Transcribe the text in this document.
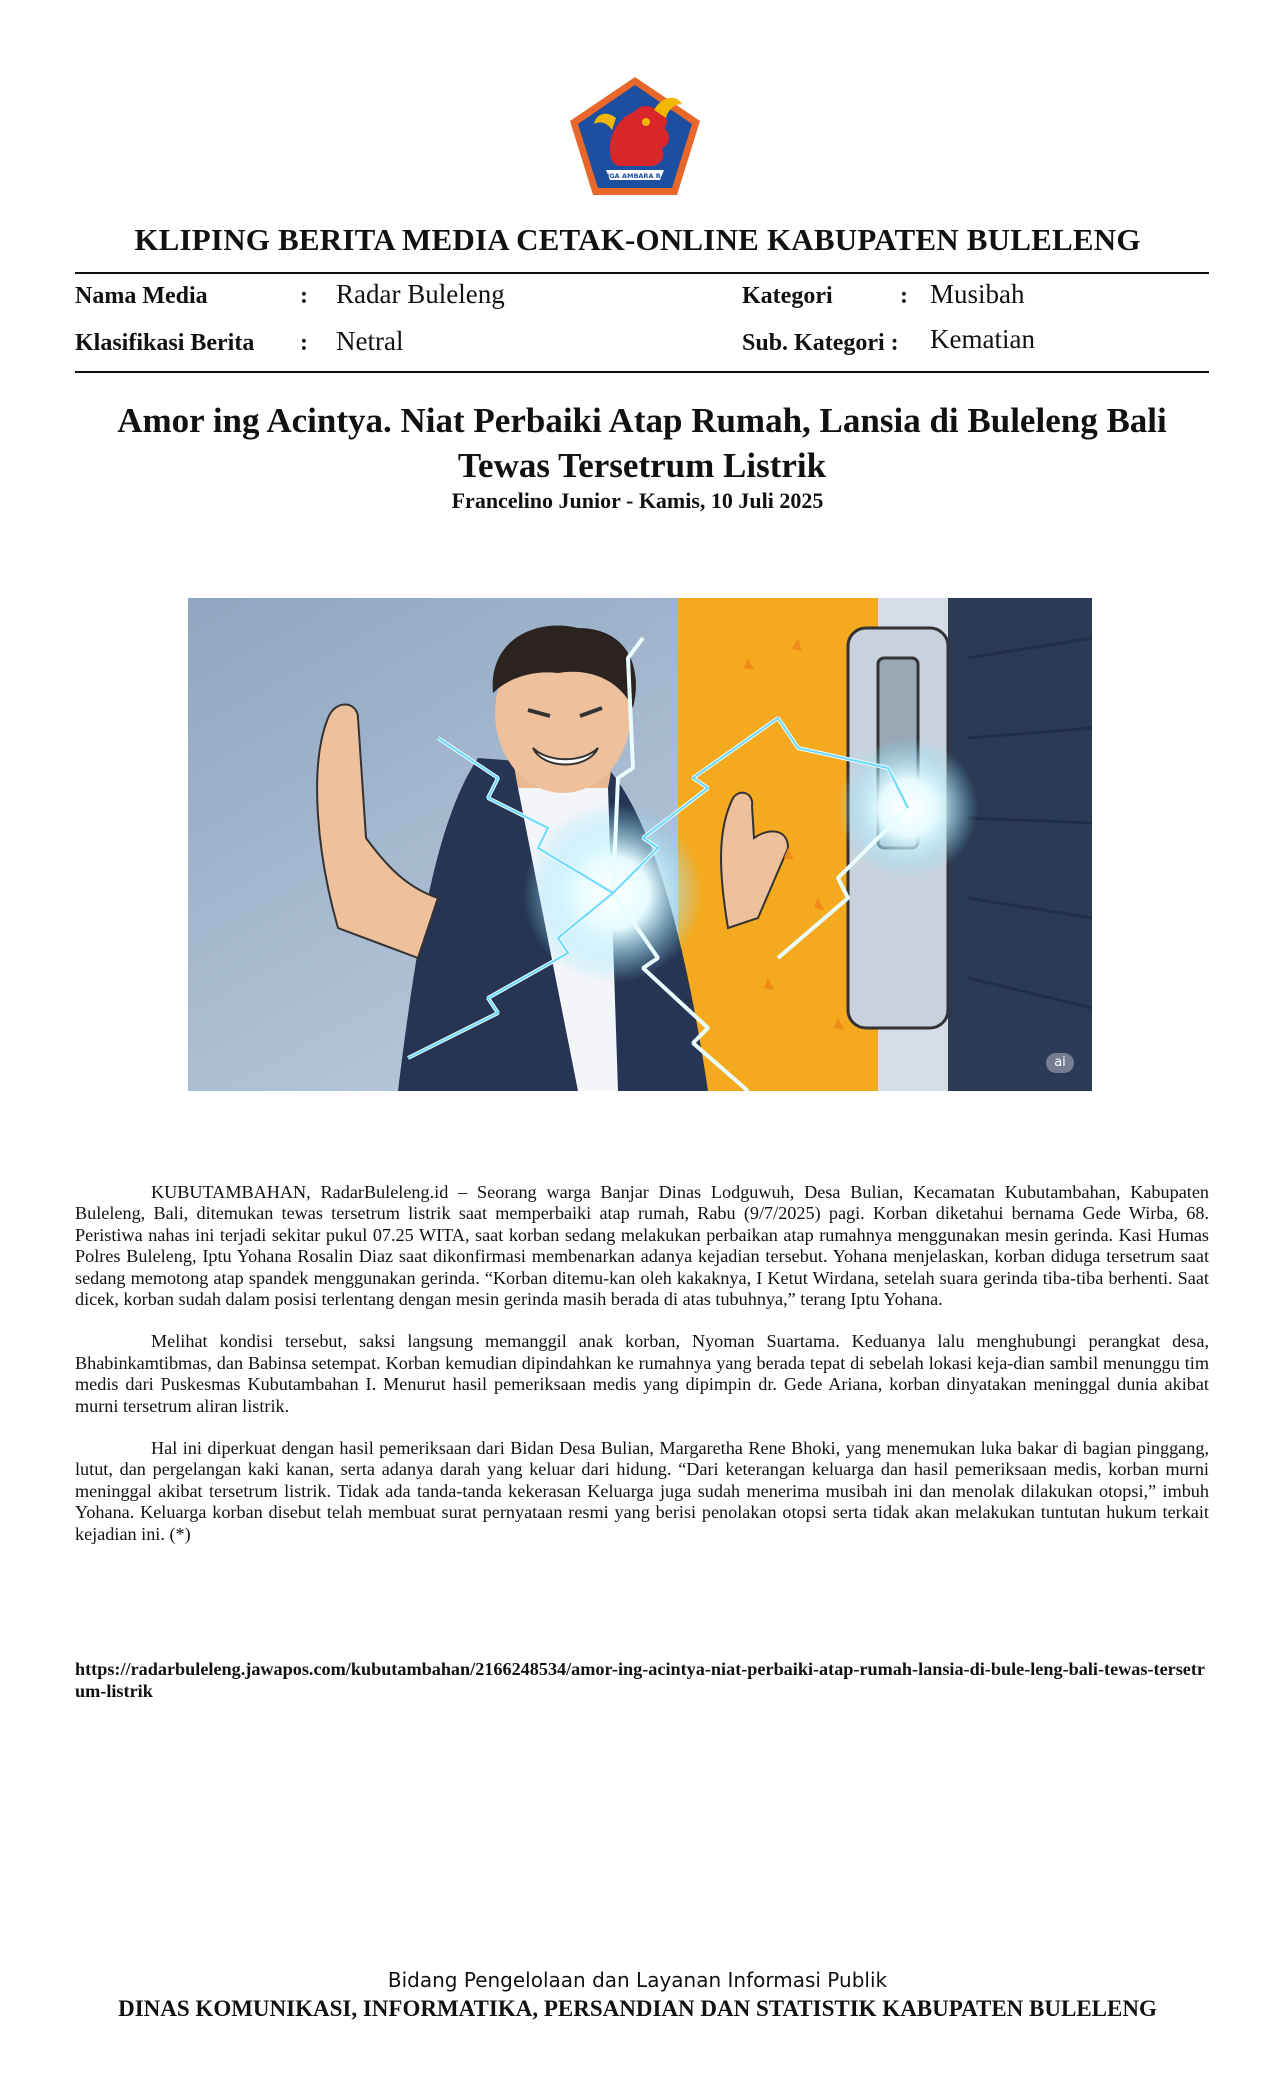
SINGA AMBARA RAJA
KLIPING BERITA MEDIA CETAK-ONLINE KABUPATEN BULELENG
Nama Media	: Radar Buleleng	Kategori	: Musibah
Klasifikasi Berita : Netral	Sub. Kategori : Kematian
Amor ing Acintya. Niat Perbaiki Atap Rumah, Lansia di Buleleng Bali Tewas Tersetrum Listrik
Francelino Junior - Kamis, 10 Juli 2025
ai

KUBUTAMBAHAN, RadarBuleleng.id – Seorang warga Banjar Dinas Lodguwuh, Desa Bulian, Kecamatan Kubutambahan, Kabupaten Buleleng, Bali, ditemukan tewas tersetrum listrik saat memperbaiki atap rumah, Rabu (9/7/2025) pagi. Korban diketahui bernama Gede Wirba, 68. Peristiwa nahas ini terjadi sekitar pukul 07.25 WITA, saat korban sedang melakukan perbaikan atap rumahnya menggunakan mesin gerinda. Kasi Humas Polres Buleleng, Iptu Yohana Rosalin Diaz saat dikonfirmasi membenarkan adanya kejadian tersebut. Yohana menjelaskan, korban diduga tersetrum saat sedang memotong atap spandek menggunakan gerinda. “Korban ditemu-kan oleh kakaknya, I Ketut Wirdana, setelah suara gerinda tiba-tiba berhenti. Saat dicek, korban sudah dalam posisi terlentang dengan mesin gerinda masih berada di atas tubuhnya,” terang Iptu Yohana.

Melihat kondisi tersebut, saksi langsung memanggil anak korban, Nyoman Suartama. Keduanya lalu menghubungi perangkat desa, Bhabinkamtibmas, dan Babinsa setempat. Korban kemudian dipindahkan ke rumahnya yang berada tepat di sebelah lokasi keja-dian sambil menunggu tim medis dari Puskesmas Kubutambahan I. Menurut hasil pemeriksaan medis yang dipimpin dr. Gede Ariana, korban dinyatakan meninggal dunia akibat murni tersetrum aliran listrik.

Hal ini diperkuat dengan hasil pemeriksaan dari Bidan Desa Bulian, Margaretha Rene Bhoki, yang menemukan luka bakar di bagian pinggang, lutut, dan pergelangan kaki kanan, serta adanya darah yang keluar dari hidung. “Dari keterangan keluarga dan hasil pemeriksaan medis, korban murni meninggal akibat tersetrum listrik. Tidak ada tanda-tanda kekerasan Keluarga juga sudah menerima musibah ini dan menolak dilakukan otopsi,” imbuh Yohana. Keluarga korban disebut telah membuat surat pernyataan resmi yang berisi penolakan otopsi serta tidak akan melakukan tuntutan hukum terkait kejadian ini. (*)

https://radarbuleleng.jawapos.com/kubutambahan/2166248534/amor-ing-acintya-niat-perbaiki-atap-rumah-lansia-di-bule-leng-bali-tewas-tersetrum-listrik
Bidang Pengelolaan dan Layanan Informasi Publik
DINAS KOMUNIKASI, INFORMATIKA, PERSANDIAN DAN STATISTIK KABUPATEN BULELENG
